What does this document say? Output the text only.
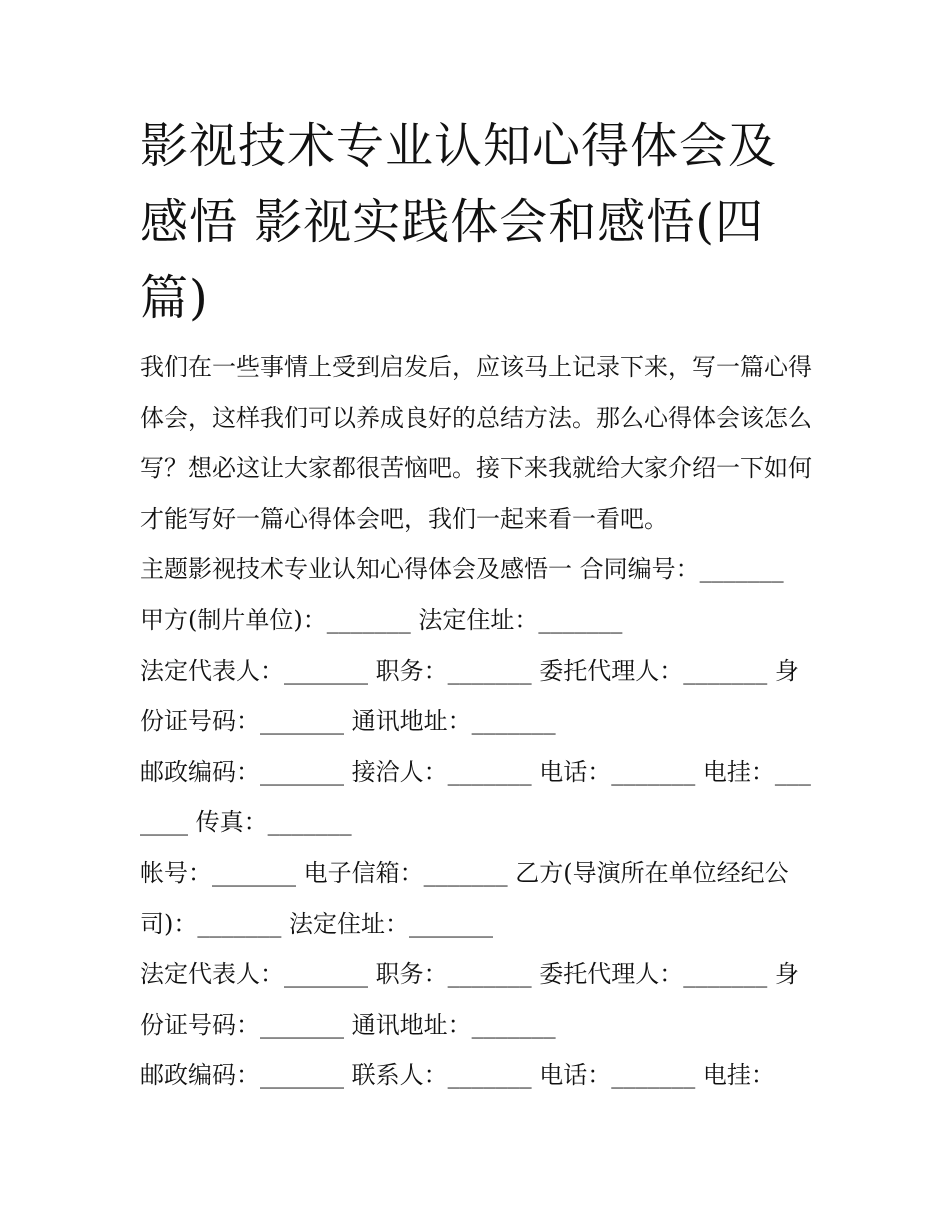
影视技术专业认知心得体会及感悟 影视实践体会和感悟(四篇)

我们在一些事情上受到启发后，应该马上记录下来，写一篇心得体会，这样我们可以养成良好的总结方法。那么心得体会该怎么写？想必这让大家都很苦恼吧。接下来我就给大家介绍一下如何才能写好一篇心得体会吧，我们一起来看一看吧。

主题影视技术专业认知心得体会及感悟一 合同编号：_______

甲方(制片单位)：_______ 法定住址：_______

法定代表人：_______ 职务：_______ 委托代理人：_______ 身份证号码：_______ 通讯地址：_______

邮政编码：_______ 接洽人：_______ 电话：_______ 电挂：_______ 传真：_______

帐号：_______ 电子信箱：_______ 乙方(导演所在单位经纪公司)：_______ 法定住址：_______

法定代表人：_______ 职务：_______ 委托代理人：_______ 身份证号码：_______ 通讯地址：_______

邮政编码：_______ 联系人：_______ 电话：_______ 电挂：
